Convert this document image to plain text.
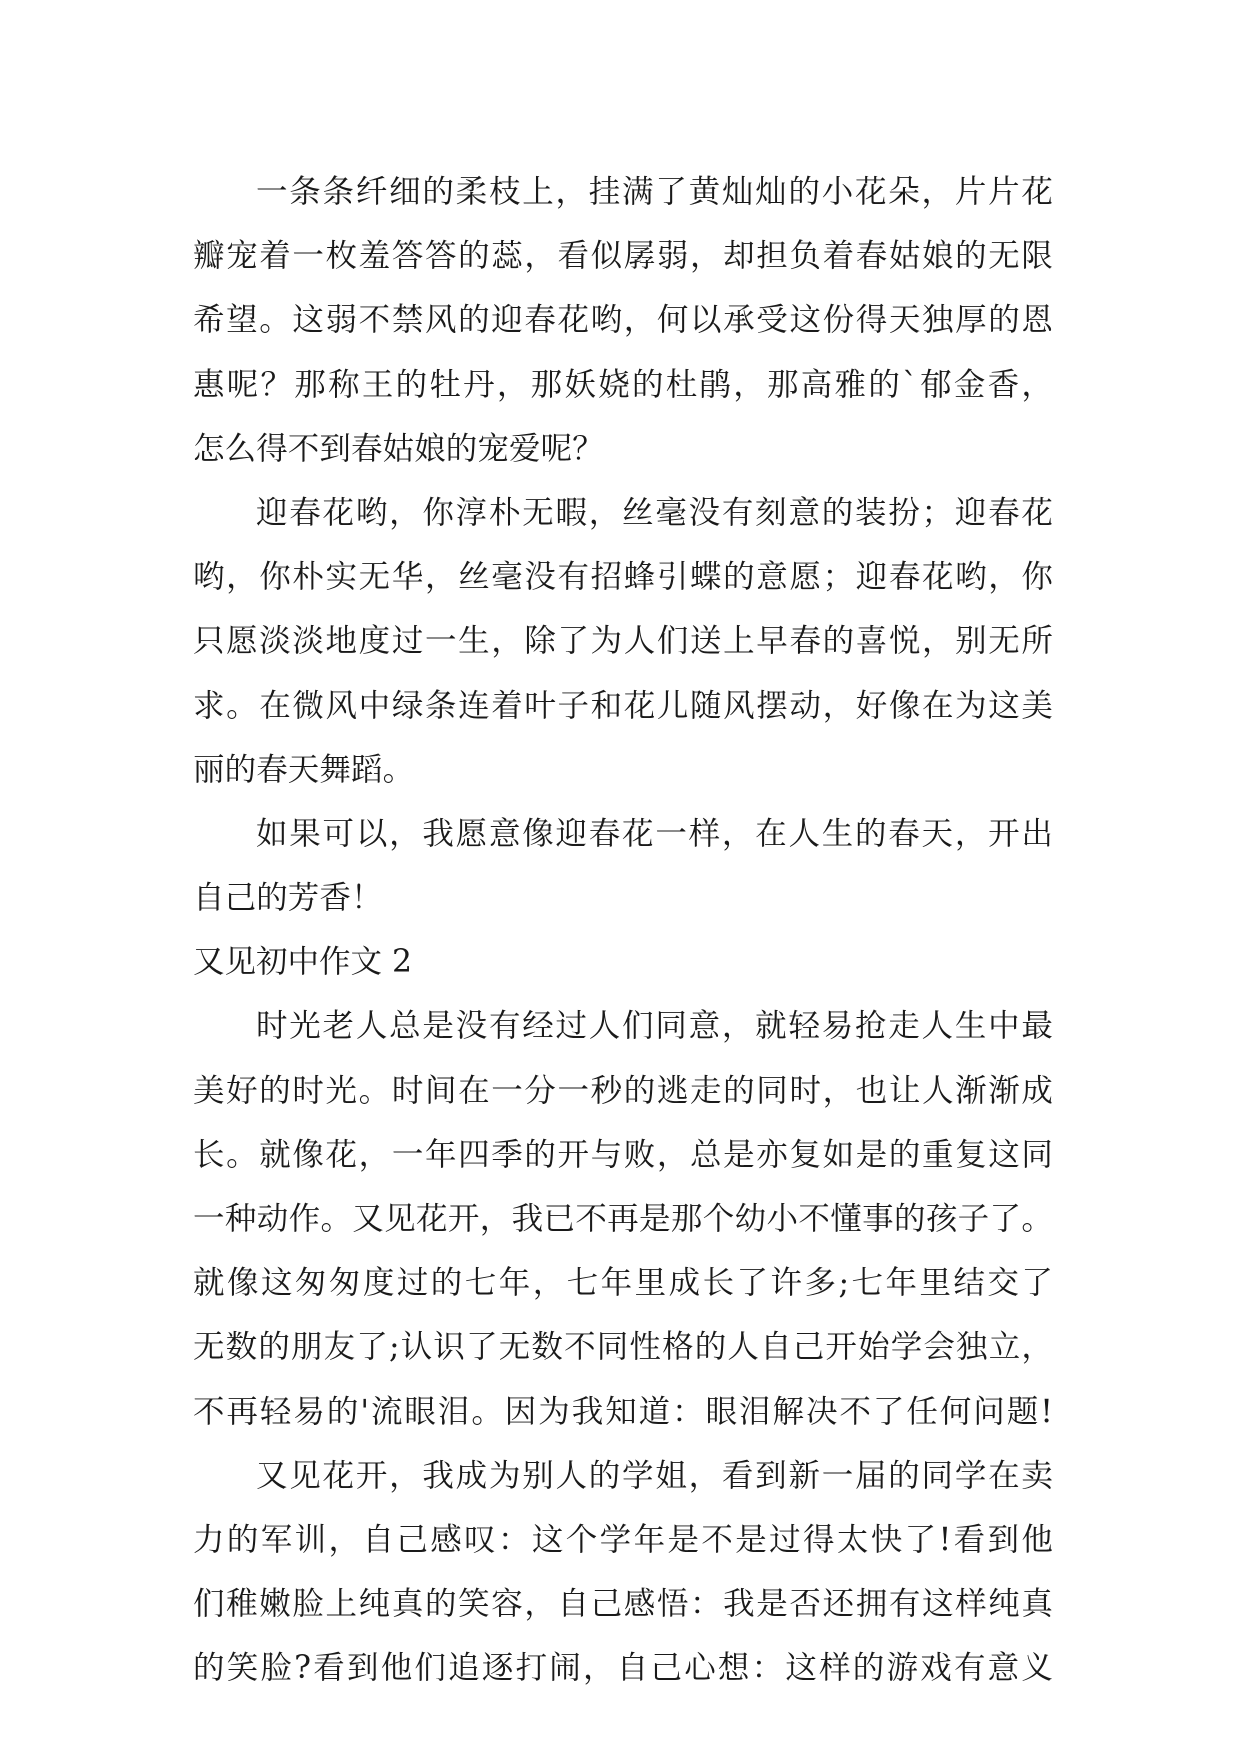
一条条纤细的柔枝上，挂满了黄灿灿的小花朵，片片花
瓣宠着一枚羞答答的蕊，看似孱弱，却担负着春姑娘的无限
希望。这弱不禁风的迎春花哟，何以承受这份得天独厚的恩
惠呢？那称王的牡丹，那妖娆的杜鹃，那高雅的`郁金香，
怎么得不到春姑娘的宠爱呢？
迎春花哟，你淳朴无暇，丝毫没有刻意的装扮；迎春花
哟，你朴实无华，丝毫没有招蜂引蝶的意愿；迎春花哟，你
只愿淡淡地度过一生，除了为人们送上早春的喜悦，别无所
求。在微风中绿条连着叶子和花儿随风摆动，好像在为这美
丽的春天舞蹈。
如果可以，我愿意像迎春花一样，在人生的春天，开出
自己的芳香！
又见初中作文 2
时光老人总是没有经过人们同意，就轻易抢走人生中最
美好的时光。时间在一分一秒的逃走的同时，也让人渐渐成
长。就像花，一年四季的开与败，总是亦复如是的重复这同
一种动作。又见花开，我已不再是那个幼小不懂事的孩子了。
就像这匆匆度过的七年，七年里成长了许多;七年里结交了
无数的朋友了;认识了无数不同性格的人自己开始学会独立，
不再轻易的'流眼泪。因为我知道：眼泪解决不了任何问题!
又见花开，我成为别人的学姐，看到新一届的同学在卖
力的军训，自己感叹：这个学年是不是过得太快了!看到他
们稚嫩脸上纯真的笑容，自己感悟：我是否还拥有这样纯真
的笑脸?看到他们追逐打闹，自己心想：这样的游戏有意义
